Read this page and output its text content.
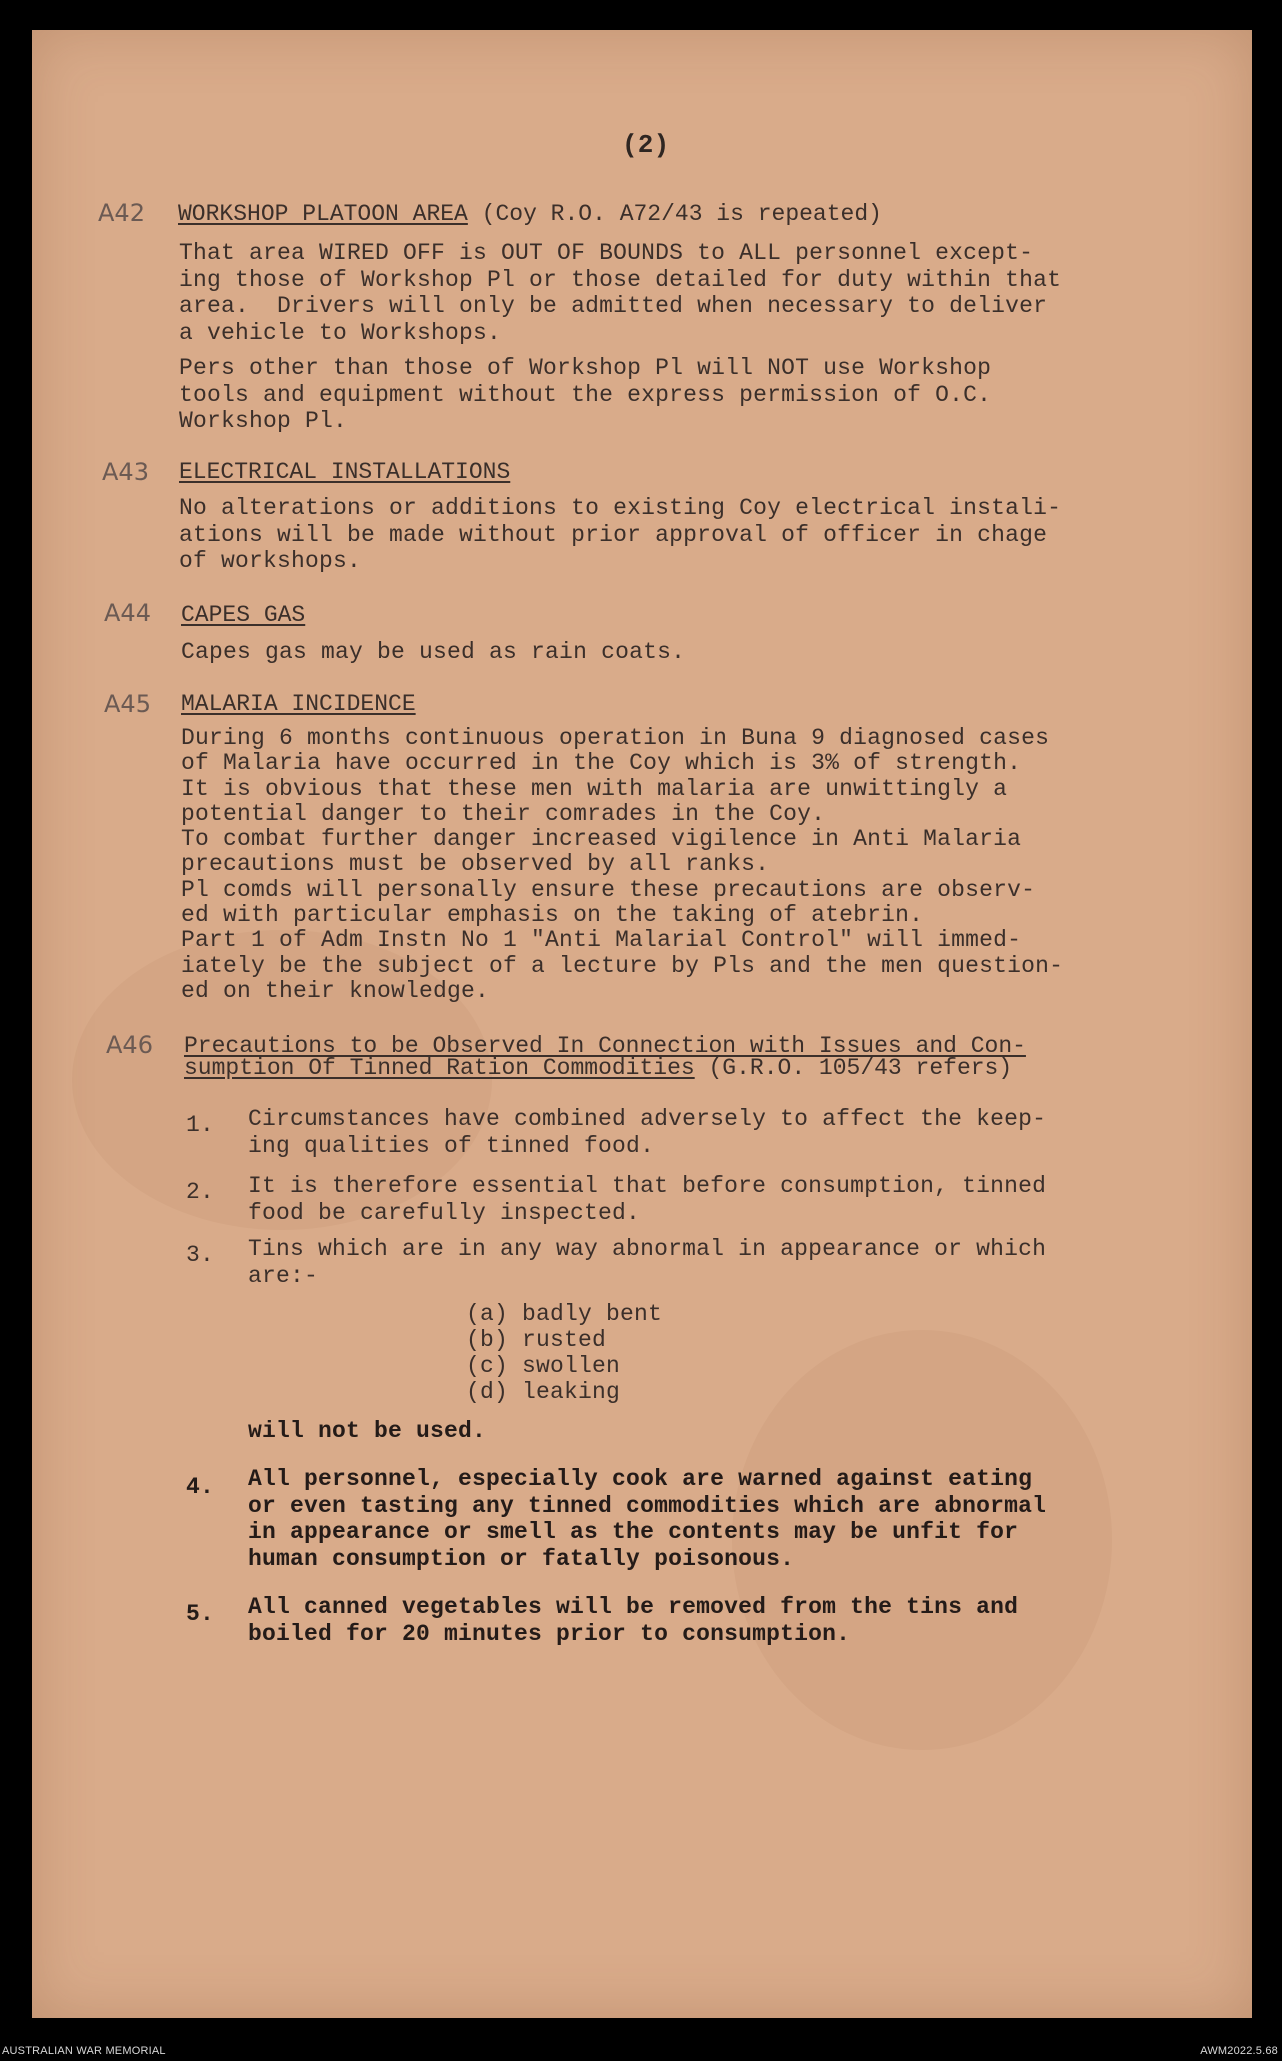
(2)
A42 WORKSHOP PLATOON AREA (Coy R.O. A72/43 is repeated)
That area WIRED OFF is OUT OF BOUNDS to ALL personnel except-
ing those of Workshop Pl or those detailed for duty within that
area.  Drivers will only be admitted when necessary to deliver
a vehicle to Workshops.
Pers other than those of Workshop Pl will NOT use Workshop
tools and equipment without the express permission of O.C.
Workshop Pl.
A43 ELECTRICAL INSTALLATIONS
No alterations or additions to existing Coy electrical instali-
ations will be made without prior approval of officer in chage
of workshops.
A44 CAPES GAS
Capes gas may be used as rain coats.
A45 MALARIA INCIDENCE
During 6 months continuous operation in Buna 9 diagnosed cases
of Malaria have occurred in the Coy which is 3% of strength.
It is obvious that these men with malaria are unwittingly a
potential danger to their comrades in the Coy.
To combat further danger increased vigilence in Anti Malaria
precautions must be observed by all ranks.
Pl comds will personally ensure these precautions are observ-
ed with particular emphasis on the taking of atebrin.
Part 1 of Adm Instn No 1 "Anti Malarial Control" will immed-
iately be the subject of a lecture by Pls and the men question-
ed on their knowledge.
A46 Precautions to be Observed In Connection with Issues and Con-
sumption Of Tinned Ration Commodities (G.R.O. 105/43 refers)
1. Circumstances have combined adversely to affect the keep-
ing qualities of tinned food.
2. It is therefore essential that before consumption, tinned
food be carefully inspected.
3. Tins which are in any way abnormal in appearance or which
are:-
(a) badly bent
(b) rusted
(c) swollen
(d) leaking
will not be used.
4. All personnel, especially cook are warned against eating
or even tasting any tinned commodities which are abnormal
in appearance or smell as the contents may be unfit for
human consumption or fatally poisonous.
5. All canned vegetables will be removed from the tins and
boiled for 20 minutes prior to consumption.
AUSTRALIAN WAR MEMORIAL	AWM2022.5.68
